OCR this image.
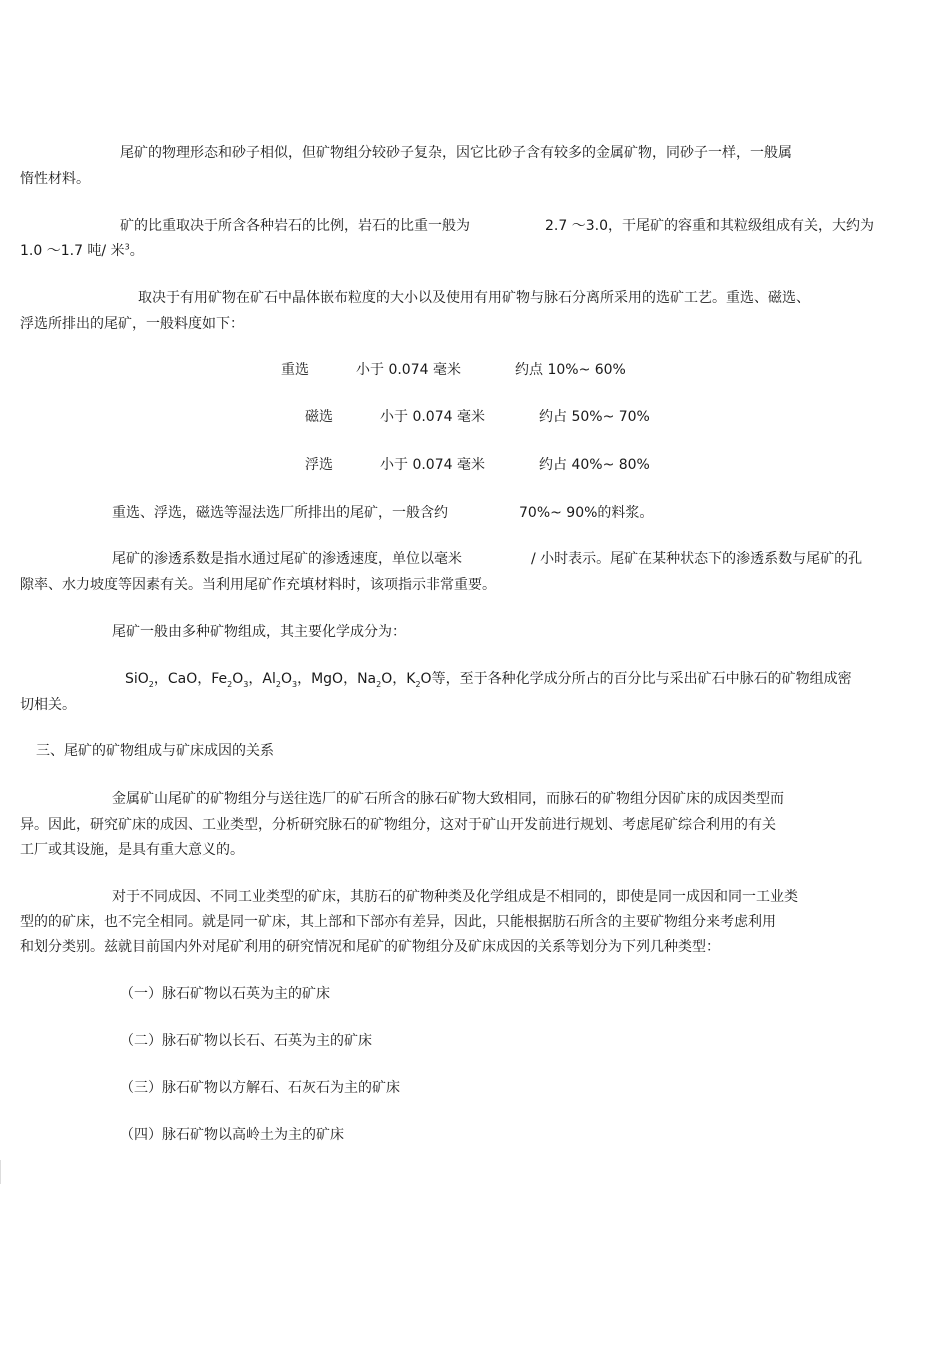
尾矿的物理形态和砂子相似，但矿物组分较砂子复杂，因它比砂子含有较多的金属矿物，同砂子一样，一般属

惰性材料。

矿的比重取决于所含各种岩石的比例，岩石的比重一般为	2.7 ～3.0，干尾矿的容重和其粒级组成有关，大约为

1.0 ～1.7 吨/ 米$^3$。

取决于有用矿物在矿石中晶体嵌布粒度的大小以及使用有用矿物与脉石分离所采用的选矿工艺。重选、磁选、

浮选所排出的尾矿，一般料度如下：

重选	小于 0.074 毫米	约点 10%~ 60%

磁选	小于 0.074 毫米	约占 50%~ 70%

浮选	小于 0.074 毫米	约占 40%~ 80%

重选、浮选，磁选等湿法选厂所排出的尾矿，一般含约	70%~ 90%的料浆。

尾矿的渗透系数是指水通过尾矿的渗透速度，单位以毫米	/ 小时表示。尾矿在某种状态下的渗透系数与尾矿的孔

隙率、水力坡度等因素有关。当利用尾矿作充填材料时，该项指示非常重要。

尾矿一般由多种矿物组成，其主要化学成分为：

SiO$_2$，CaO，$Fe_2O_3$，$Al_2O_3$，MgO，$Na_2O$，$K_2O$等，至于各种化学成分所占的百分比与采出矿石中脉石的矿物组成密

切相关。

三、尾矿的矿物组成与矿床成因的关系

金属矿山尾矿的矿物组分与送往选厂的矿石所含的脉石矿物大致相同，而脉石的矿物组分因矿床的成因类型而

异。因此，研究矿床的成因、工业类型，分析研究脉石的矿物组分，这对于矿山开发前进行规划、考虑尾矿综合利用的有关

工厂或其设施，是具有重大意义的。

对于不同成因、不同工业类型的矿床，其肪石的矿物种类及化学组成是不相同的，即使是同一成因和同一工业类

型的的矿床，也不完全相同。就是同一矿床，其上部和下部亦有差异，因此，只能根据肪石所含的主要矿物组分来考虑利用

和划分类别。兹就目前国内外对尾矿利用的研究情况和尾矿的矿物组分及矿床成因的关系等划分为下列几种类型：

（一）脉石矿物以石英为主的矿床

（二）脉石矿物以长石、石英为主的矿床

（三）脉石矿物以方解石、石灰石为主的矿床

（四）脉石矿物以高岭土为主的矿床
